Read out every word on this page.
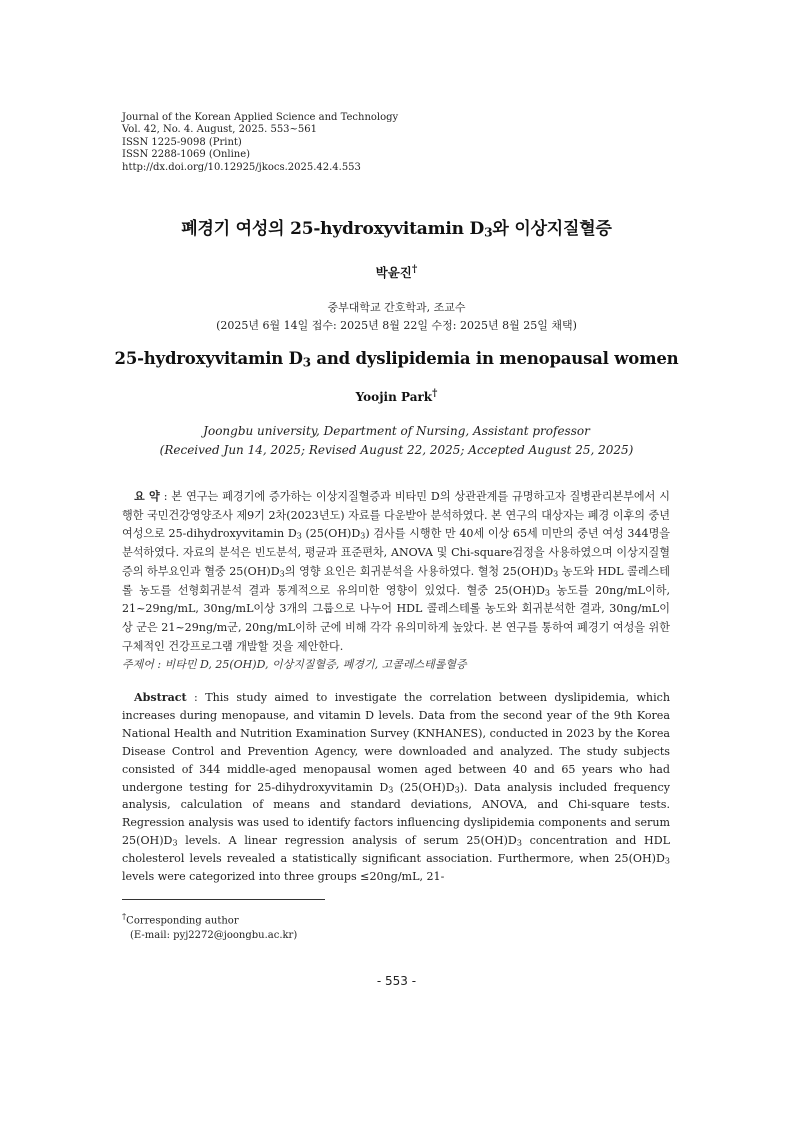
Journal of the Korean Applied Science and Technology
Vol. 42, No. 4. August, 2025. 553~561
ISSN 1225-9098 (Print)
ISSN 2288-1069 (Online)
http://dx.doi.org/10.12925/jkocs.2025.42.4.553
폐경기 여성의 25-hydroxyvitamin $D_3$와 이상지질혈증
박윤진†
중부대학교 간호학과, 조교수
(2025년 6월 14일 접수: 2025년 8월 22일 수정: 2025년 8월 25일 채택)
25-hydroxyvitamin $D_3$ and dyslipidemia in menopausal women
Yoojin Park†
Joongbu university, Department of Nursing, Assistant professor
(Received Jun 14, 2025; Revised August 22, 2025; Accepted August 25, 2025)
요 약 : 본 연구는 폐경기에 증가하는 이상지질혈증과 비타민 D의 상관관계를 규명하고자 질병관리본부에서 시행한 국민건강영양조사 제9기 2차(2023년도) 자료를 다운받아 분석하였다. 본 연구의 대상자는 폐경 이후의 중년 여성으로 25-dihydroxyvitamin $D_3$ $(25(OH)D_3)$ 검사를 시행한 만 40세 이상 65세 미만의 중년 여성 344명을 분석하였다. 자료의 분석은 빈도분석, 평균과 표준편차, ANOVA 및 Chi-square검정을 사용하였으며 이상지질혈증의 하부요인과 혈중 $25(OH)D_3$의 영향 요인은 회귀분석을 사용하였다. 혈청 $25(OH)D_3$ 농도와 HDL 콜레스테롤 농도를 선형회귀분석 결과 통계적으로 유의미한 영향이 있었다. 혈중 $25(OH)D_3$ 농도를 20ng/mL이하, 21~29ng/mL, 30ng/mL이상 3개의 그룹으로 나누어 HDL 콜레스테롤 농도와 회귀분석한 결과, 30ng/mL이상 군은 21~29ng/m군, 20ng/mL이하 군에 비해 각각 유의미하게 높았다. 본 연구를 통하여 폐경기 여성을 위한 구체적인 건강프로그램 개발할 것을 제안한다.
주제어 : 비타민 D, 25(OH)D, 이상지질혈증, 폐경기, 고콜레스테롤혈증
Abstract : This study aimed to investigate the correlation between dyslipidemia, which increases during menopause, and vitamin D levels. Data from the second year of the 9th Korea National Health and Nutrition Examination Survey (KNHANES), conducted in 2023 by the Korea Disease Control and Prevention Agency, were downloaded and analyzed. The study subjects consisted of 344 middle-aged menopausal women aged between 40 and 65 years who had undergone testing for 25-dihydroxyvitamin $D_3$ $(25(OH)D_3)$. Data analysis included frequency analysis, calculation of means and standard deviations, ANOVA, and Chi-square tests. Regression analysis was used to identify factors influencing dyslipidemia components and serum $25(OH)D_3$ levels. A linear regression analysis of serum $25(OH)D_3$ concentration and HDL cholesterol levels revealed a statistically significant association. Furthermore, when $25(OH)D_3$ levels were categorized into three groups ≤20ng/mL, 21-
†Corresponding author
(E-mail: pyj2272@joongbu.ac.kr)
- 553 -
